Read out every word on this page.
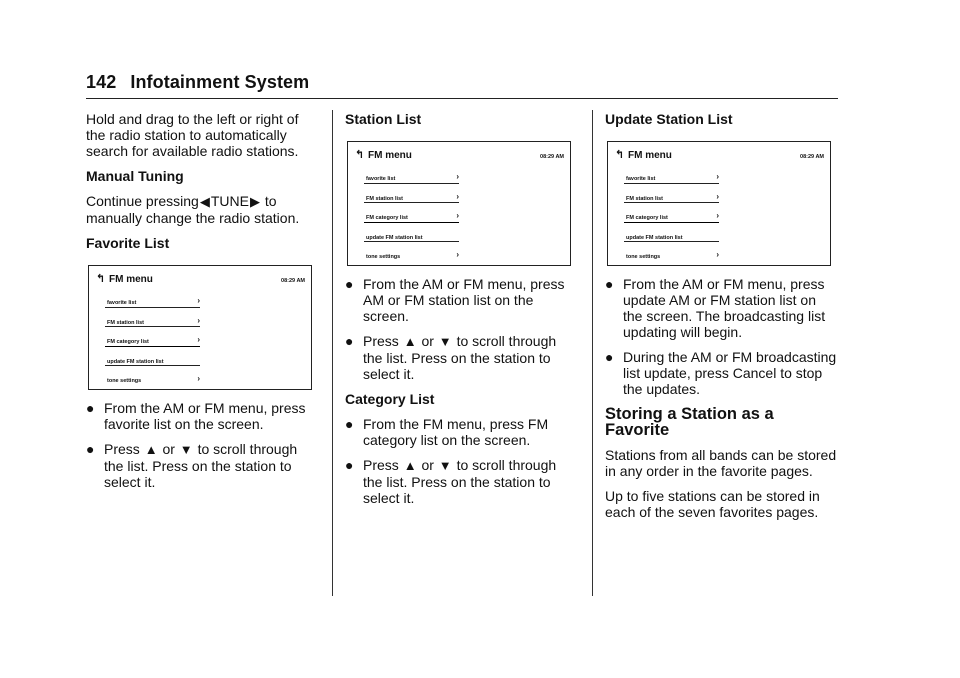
142 Infotainment System

Hold and drag to the left or right of the radio station to automatically search for available radio stations.

Manual Tuning

Continue pressing◀TUNE▶ to manually change the radio station.

Favorite List
↰ FM menu	08:29 AM
favorite list	›
FM station list	›
FM category list	›
update FM station list
tone settings	›
● From the AM or FM menu, press favorite list on the screen.
● Press ▲ or ▼ to scroll through the list. Press on the station to select it.
Station List
↰ FM menu	08:29 AM
favorite list	›
FM station list	›
FM category list	›
update FM station list
tone settings	›
● From the AM or FM menu, press AM or FM station list on the screen.
● Press ▲ or ▼ to scroll through the list. Press on the station to select it.
Category List
● From the FM menu, press FM category list on the screen.
● Press ▲ or ▼ to scroll through the list. Press on the station to select it.
Update Station List
↰ FM menu	08:29 AM
favorite list	›
FM station list	›
FM category list	›
update FM station list
tone settings	›
● From the AM or FM menu, press update AM or FM station list on the screen. The broadcasting list updating will begin.
● During the AM or FM broadcasting list update, press Cancel to stop the updates.
Storing a Station as a Favorite

Stations from all bands can be stored in any order in the favorite pages.

Up to five stations can be stored in each of the seven favorites pages.
